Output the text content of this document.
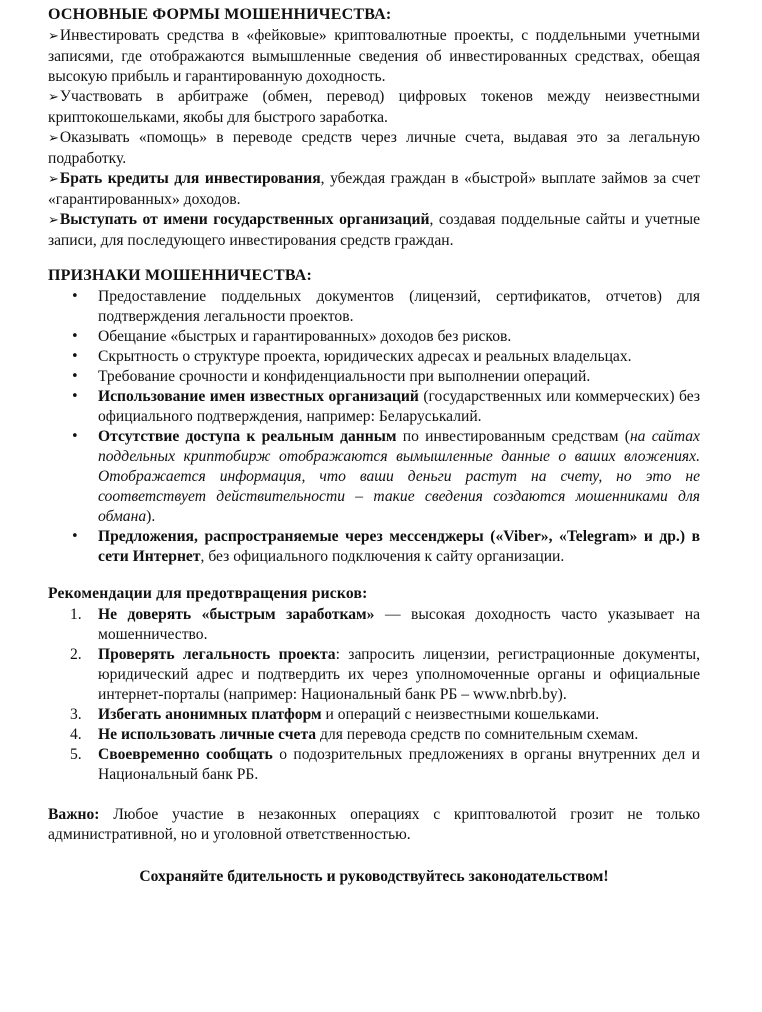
ОСНОВНЫЕ ФОРМЫ МОШЕННИЧЕСТВА:

➢Инвестировать средства в «фейковые» криптовалютные проекты, с поддельными учетными записями, где отображаются вымышленные сведения об инвестированных средствах, обещая высокую прибыль и гарантированную доходность.

➢Участвовать в арбитраже (обмен, перевод) цифровых токенов между неизвестными криптокошельками, якобы для быстрого заработка.

➢Оказывать «помощь» в переводе средств через личные счета, выдавая это за легальную подработку.

➢Брать кредиты для инвестирования, убеждая граждан в «быстрой» выплате займов за счет «гарантированных» доходов.

➢Выступать от имени государственных организаций, создавая поддельные сайты и учетные записи, для последующего инвестирования средств граждан.

ПРИЗНАКИ МОШЕННИЧЕСТВА:
• Предоставление поддельных документов (лицензий, сертификатов, отчетов) для подтверждения легальности проектов.
• Обещание «быстрых и гарантированных» доходов без рисков.
• Скрытность о структуре проекта, юридических адресах и реальных владельцах.
• Требование срочности и конфиденциальности при выполнении операций.
• Использование имен известных организаций (государственных или коммерческих) без официального подтверждения, например: Беларуськалий.
• Отсутствие доступа к реальным данным по инвестированным средствам (на сайтах поддельных криптобирж отображаются вымышленные данные о ваших вложениях. Отображается информация, что ваши деньги растут на счету, но это не соответствует действительности – такие сведения создаются мошенниками для обмана).
• Предложения, распространяемые через мессенджеры («Viber», «Telegram» и др.) в сети Интернет, без официального подключения к сайту организации.
Рекомендации для предотвращения рисков:
1. Не доверять «быстрым заработкам» — высокая доходность часто указывает на мошенничество.
2. Проверять легальность проекта: запросить лицензии, регистрационные документы, юридический адрес и подтвердить их через уполномоченные органы и официальные интернет-порталы (например: Национальный банк РБ – www.nbrb.by).
3. Избегать анонимных платформ и операций с неизвестными кошельками.
4. Не использовать личные счета для перевода средств по сомнительным схемам.
5. Своевременно сообщать о подозрительных предложениях в органы внутренних дел и Национальный банк РБ.

Важно: Любое участие в незаконных операциях с криптовалютой грозит не только административной, но и уголовной ответственностью.

Сохраняйте бдительность и руководствуйтесь законодательством!
